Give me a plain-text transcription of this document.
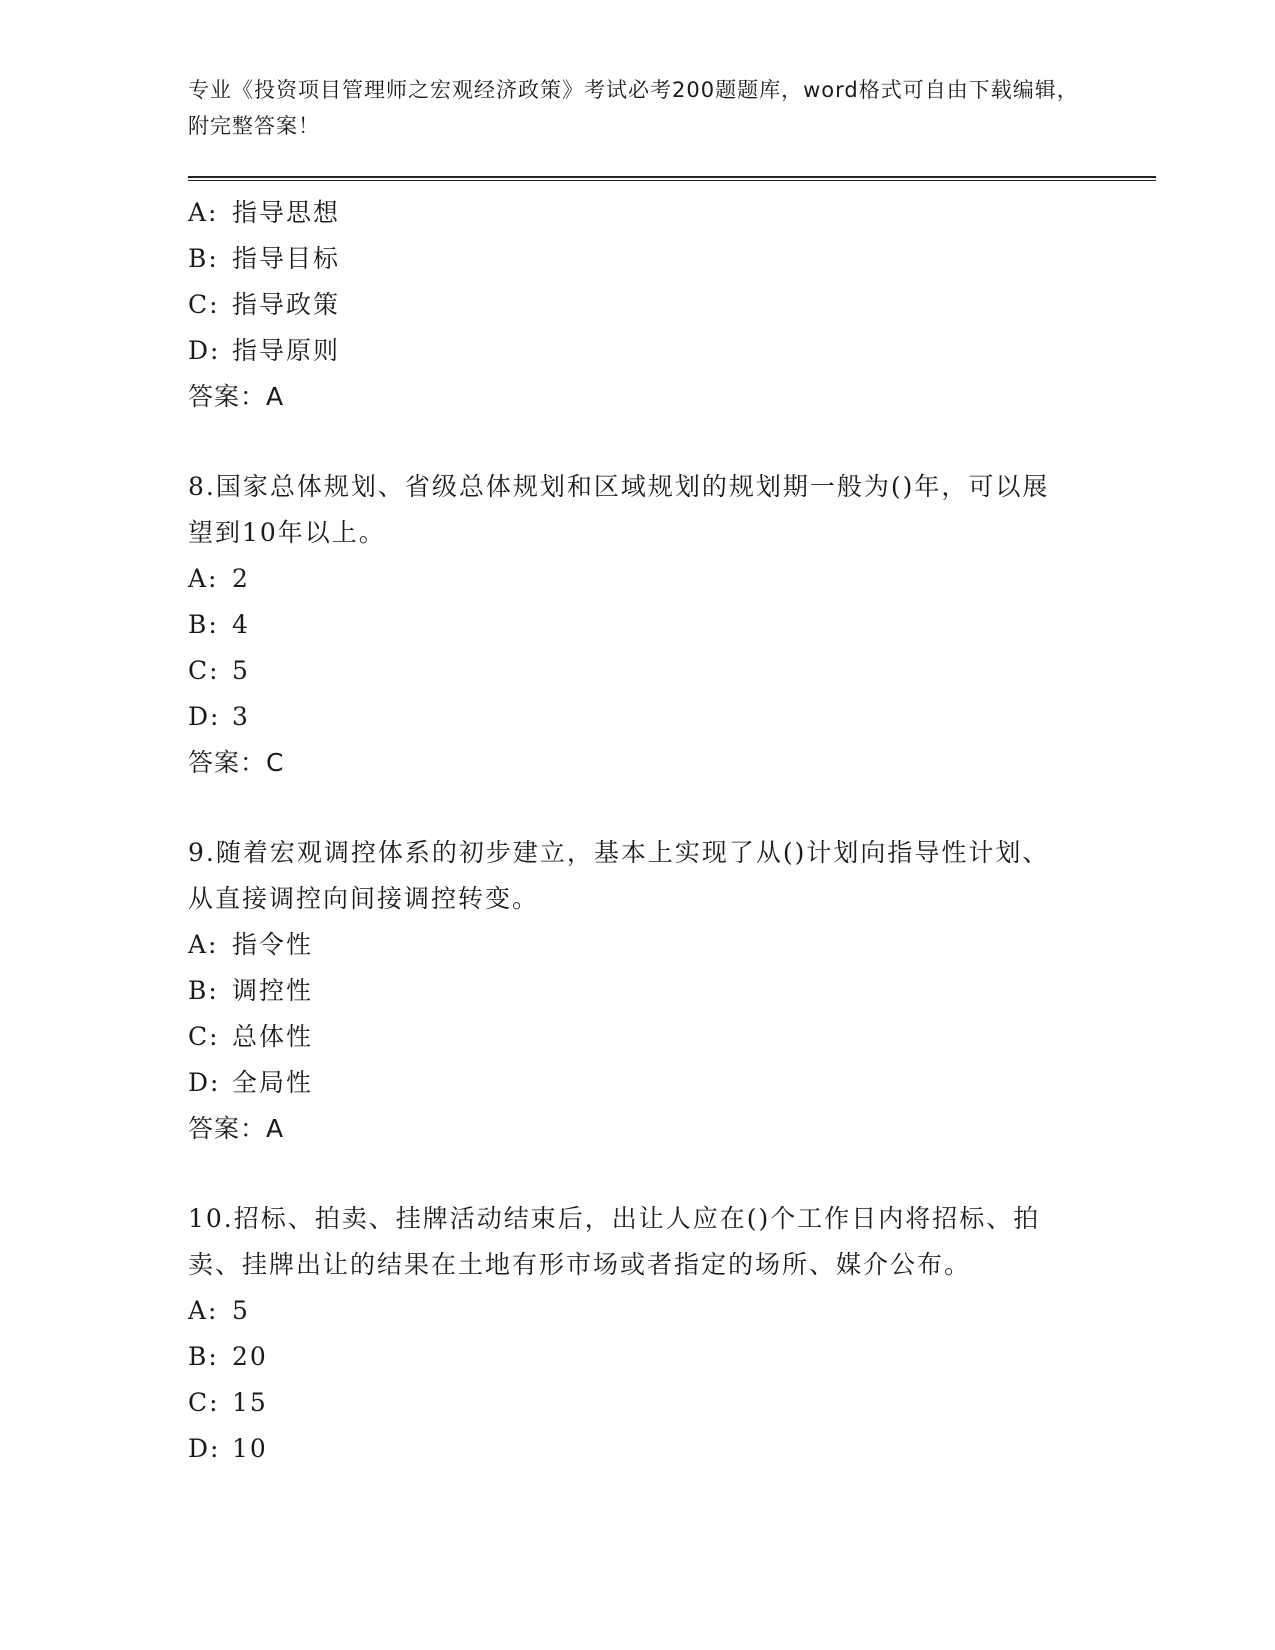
专业《投资项目管理师之宏观经济政策》考试必考200题题库，word格式可自由下载编辑，附完整答案！
A: 指导思想
B: 指导目标
C: 指导政策
D: 指导原则
答案：A
8.国家总体规划、省级总体规划和区域规划的规划期一般为()年，可以展望到10年以上。
A: 2
B: 4
C: 5
D: 3
答案：C
9.随着宏观调控体系的初步建立，基本上实现了从()计划向指导性计划、从直接调控向间接调控转变。
A: 指令性
B: 调控性
C: 总体性
D: 全局性
答案：A
10.招标、拍卖、挂牌活动结束后，出让人应在()个工作日内将招标、拍卖、挂牌出让的结果在土地有形市场或者指定的场所、媒介公布。
A: 5
B: 20
C: 15
D: 10
